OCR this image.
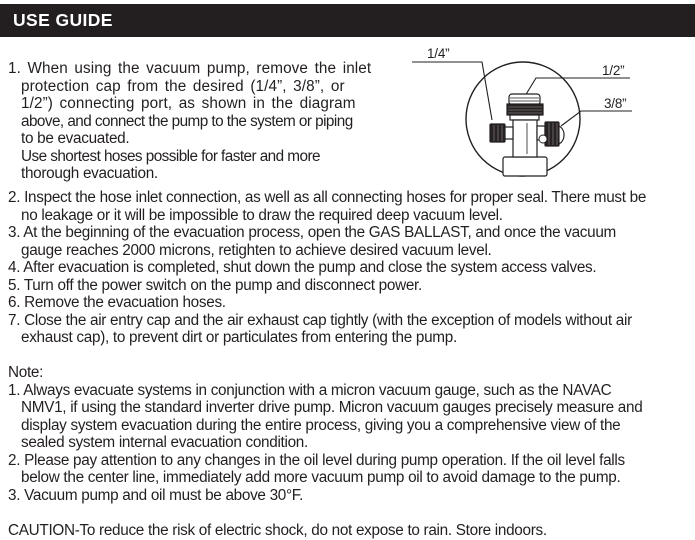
USE GUIDE
1/4”
1/2”
3/8”
1. When using the vacuum pump, remove the inlet
protection cap from the desired (1/4”, 3/8”, or
1/2”) connecting port, as shown in the diagram
above, and connect the pump to the system or piping
to be evacuated.
Use shortest hoses possible for faster and more
thorough evacuation.
2. Inspect the hose inlet connection, as well as all connecting hoses for proper seal. There must be
no leakage or it will be impossible to draw the required deep vacuum level.
3. At the beginning of the evacuation process, open the GAS BALLAST, and once the vacuum
gauge reaches 2000 microns, retighten to achieve desired vacuum level.
4. After evacuation is completed, shut down the pump and close the system access valves.
5. Turn off the power switch on the pump and disconnect power.
6. Remove the evacuation hoses.
7. Close the air entry cap and the air exhaust cap tightly (with the exception of models without air
exhaust cap), to prevent dirt or particulates from entering the pump.
Note:
1. Always evacuate systems in conjunction with a micron vacuum gauge, such as the NAVAC
NMV1, if using the standard inverter drive pump. Micron vacuum gauges precisely measure and
display system evacuation during the entire process, giving you a comprehensive view of the
sealed system internal evacuation condition.
2. Please pay attention to any changes in the oil level during pump operation. If the oil level falls
below the center line, immediately add more vacuum pump oil to avoid damage to the pump.
3. Vacuum pump and oil must be above 30°F.
CAUTION-To reduce the risk of electric shock, do not expose to rain. Store indoors.
